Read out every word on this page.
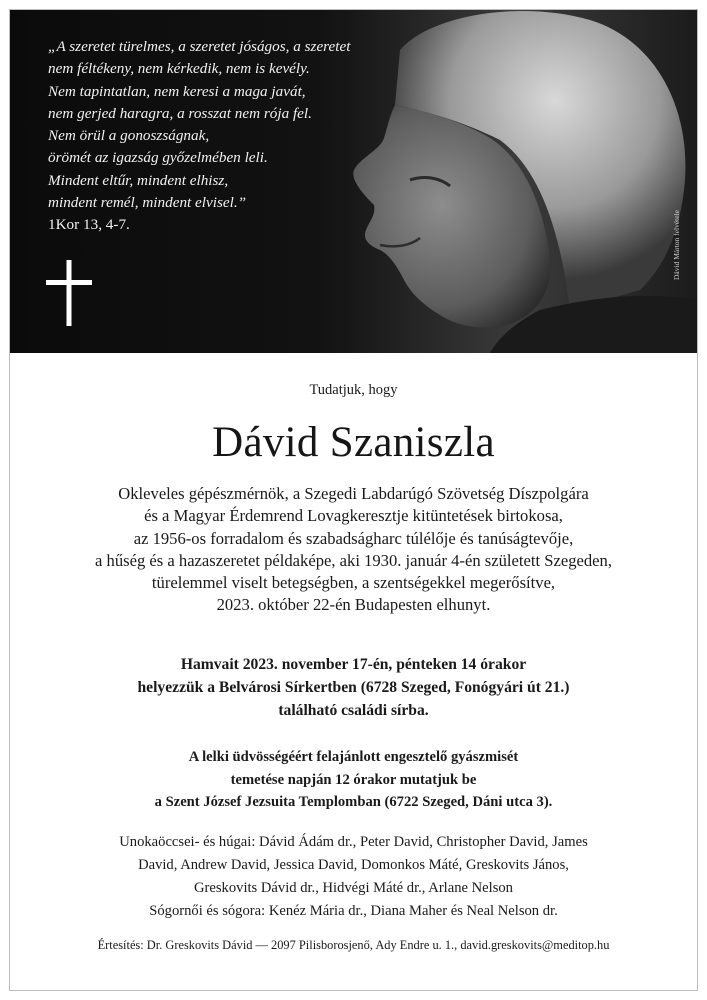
„A szeretet türelmes, a szeretet jóságos, a szeretet
nem féltékeny, nem kérkedik, nem is kevély.
Nem tapintatlan, nem keresi a maga javát,
nem gerjed haragra, a rosszat nem rója fel.
Nem örül a gonoszságnak,
örömét az igazság győzelmében leli.
Mindent eltűr, mindent elhisz,
mindent remél, mindent elvisel.”
1Kor 13, 4-7.	Dávid Márton felvétele
Tudatjuk, hogy
Dávid Szaniszla
Okleveles gépészmérnök, a Szegedi Labdarúgó Szövetség Díszpolgára
és a Magyar Érdemrend Lovagkeresztje kitüntetések birtokosa,
az 1956-os forradalom és szabadságharc túlélője és tanúságtevője,
a hűség és a hazaszeretet példaképe, aki 1930. január 4-én született Szegeden,
türelemmel viselt betegségben, a szentségekkel megerősítve,
2023. október 22-én Budapesten elhunyt.
Hamvait 2023. november 17-én, pénteken 14 órakor
helyezzük a Belvárosi Sírkertben (6728 Szeged, Fonógyári út 21.)
található családi sírba.
A lelki üdvösségéért felajánlott engesztelő gyászmisét
temetése napján 12 órakor mutatjuk be
a Szent József Jezsuita Templomban (6722 Szeged, Dáni utca 3).
Unokaöccsei- és húgai: Dávid Ádám dr., Peter David, Christopher David, James
David, Andrew David, Jessica David, Domonkos Máté, Greskovits János,
Greskovits Dávid dr., Hidvégi Máté dr., Arlane Nelson
Sógornői és sógora: Kenéz Mária dr., Diana Maher és Neal Nelson dr.
Értesítés: Dr. Greskovits Dávid — 2097 Pilisborosjenő, Ady Endre u. 1., david.greskovits@meditop.hu
